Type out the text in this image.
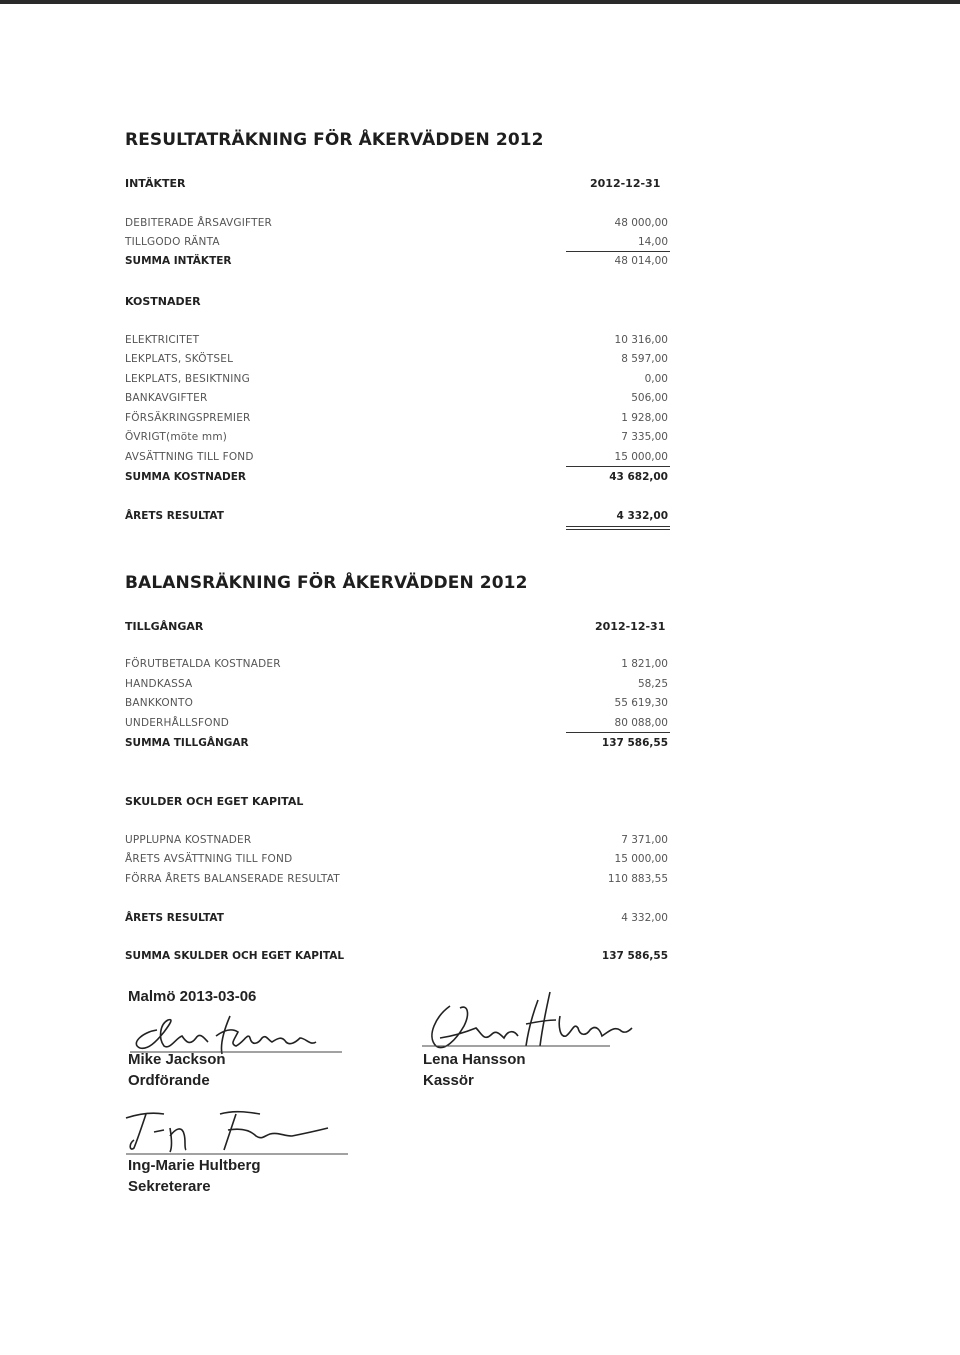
RESULTATRÄKNING FÖR ÅKERVÄDDEN 2012
INTÄKTER	2012-12-31
DEBITERADE ÅRSAVGIFTER	48 000,00
TILLGODO RÄNTA	14,00
SUMMA INTÄKTER	48 014,00
KOSTNADER
ELEKTRICITET	10 316,00
LEKPLATS, SKÖTSEL	8 597,00
LEKPLATS, BESIKTNING	0,00
BANKAVGIFTER	506,00
FÖRSÄKRINGSPREMIER	1 928,00
ÖVRIGT(möte mm)	7 335,00
AVSÄTTNING TILL FOND	15 000,00
SUMMA KOSTNADER	43 682,00
ÅRETS RESULTAT	4 332,00
BALANSRÄKNING FÖR ÅKERVÄDDEN 2012
TILLGÅNGAR	2012-12-31
FÖRUTBETALDA KOSTNADER	1 821,00
HANDKASSA	58,25
BANKKONTO	55 619,30
UNDERHÅLLSFOND	80 088,00
SUMMA TILLGÅNGAR	137 586,55
SKULDER OCH EGET KAPITAL
UPPLUPNA KOSTNADER	7 371,00
ÅRETS AVSÄTTNING TILL FOND	15 000,00
FÖRRA ÅRETS BALANSERADE RESULTAT	110 883,55
ÅRETS RESULTAT	4 332,00
SUMMA SKULDER OCH EGET KAPITAL	137 586,55
Malmö 2013-03-06
Mike Jackson
Ordförande
Lena Hansson
Kassör
Ing-Marie Hultberg
Sekreterare
